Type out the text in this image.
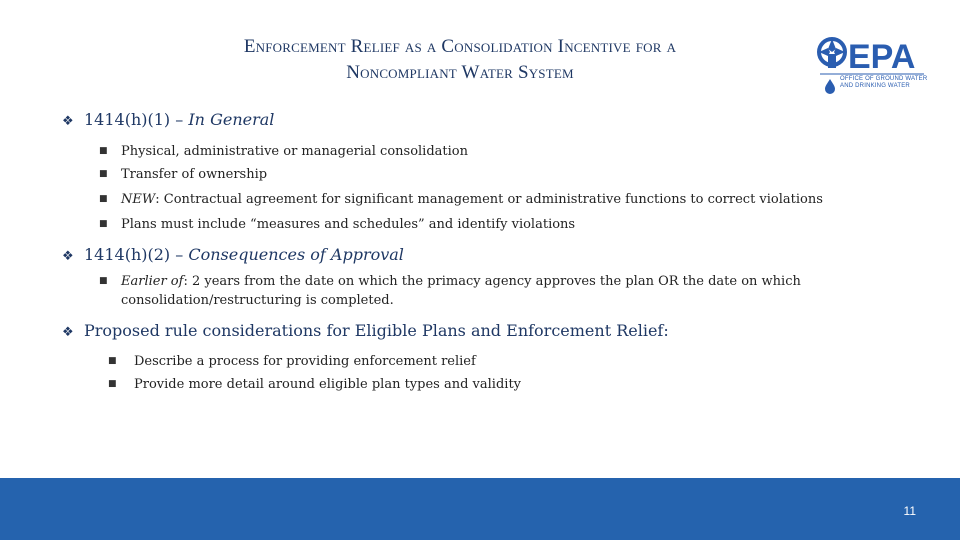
Enforcement Relief as a Consolidation Incentive for a
Noncompliant Water System	EPA
OFFICE OF GROUND WATER AND DRINKING WATER
❖ 1414(h)(1) – In General
■ Physical, administrative or managerial consolidation
■ Transfer of ownership
■ NEW: Contractual agreement for significant management or administrative functions to correct violations
■ Plans must include “measures and schedules” and identify violations
❖ 1414(h)(2) – Consequences of Approval
■ Earlier of: 2 years from the date on which the primacy agency approves the plan OR the date on which
consolidation/restructuring is completed.
❖ Proposed rule considerations for Eligible Plans and Enforcement Relief:
■ Describe a process for providing enforcement relief
■ Provide more detail around eligible plan types and validity
11
